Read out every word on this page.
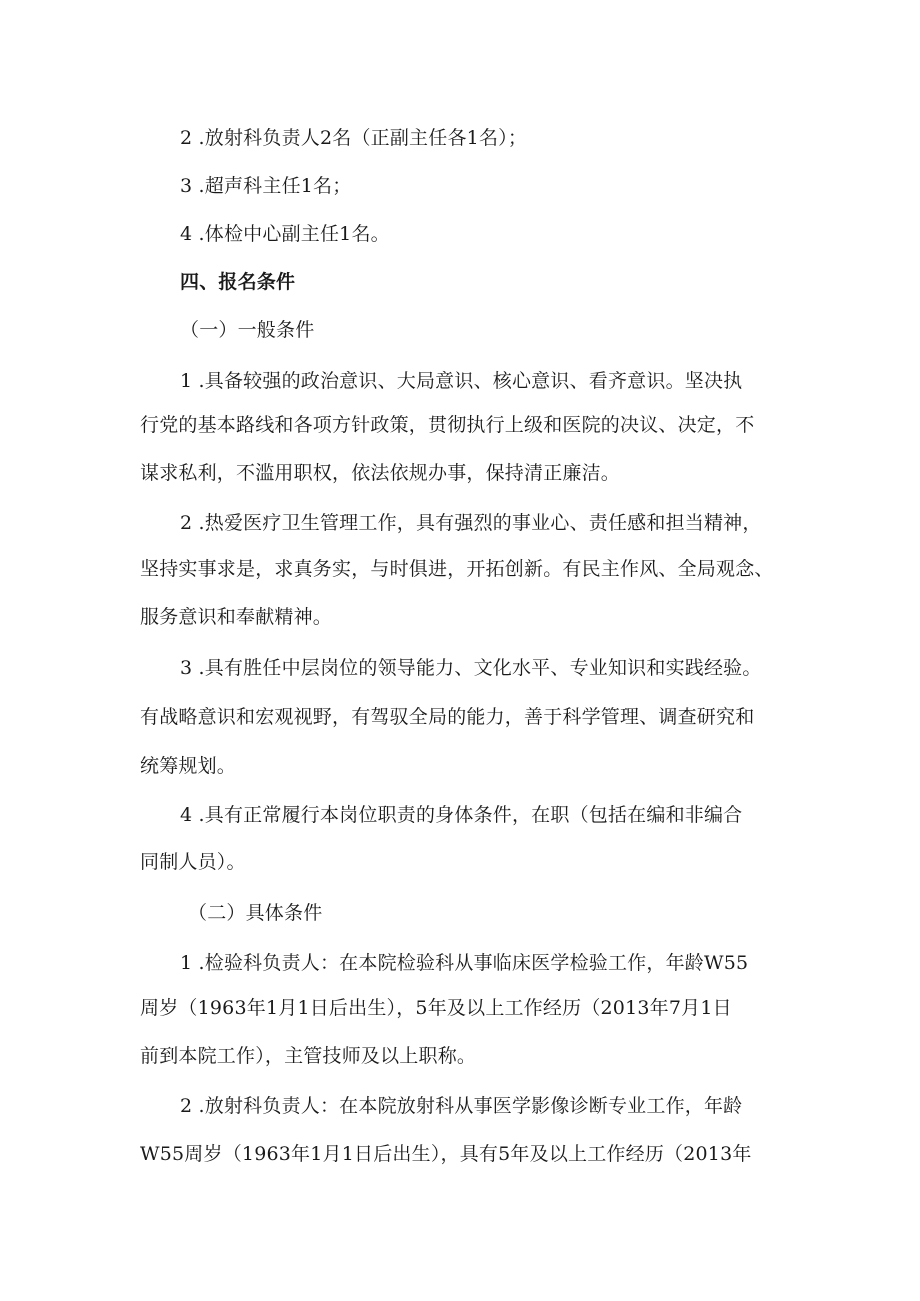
2 .放射科负责人2名（正副主任各1名）；

3 .超声科主任1名；

4 .体检中心副主任1名。

四、报名条件

（一）一般条件

1 .具备较强的政治意识、大局意识、核心意识、看齐意识。坚决执

行党的基本路线和各项方针政策，贯彻执行上级和医院的决议、决定，不

谋求私利，不滥用职权，依法依规办事，保持清正廉洁。

2 .热爱医疗卫生管理工作，具有强烈的事业心、责任感和担当精神，

坚持实事求是，求真务实，与时俱进，开拓创新。有民主作风、全局观念、

服务意识和奉献精神。

3 .具有胜任中层岗位的领导能力、文化水平、专业知识和实践经验。

有战略意识和宏观视野，有驾驭全局的能力，善于科学管理、调查研究和

统筹规划。

4 .具有正常履行本岗位职责的身体条件，在职（包括在编和非编合

同制人员）。

（二）具体条件

1 .检验科负责人：在本院检验科从事临床医学检验工作，年龄W55

周岁（1963年1月1日后出生），5年及以上工作经历（2013年7月1日

前到本院工作），主管技师及以上职称。

2 .放射科负责人：在本院放射科从事医学影像诊断专业工作，年龄

W55周岁（1963年1月1日后出生），具有5年及以上工作经历（2013年
